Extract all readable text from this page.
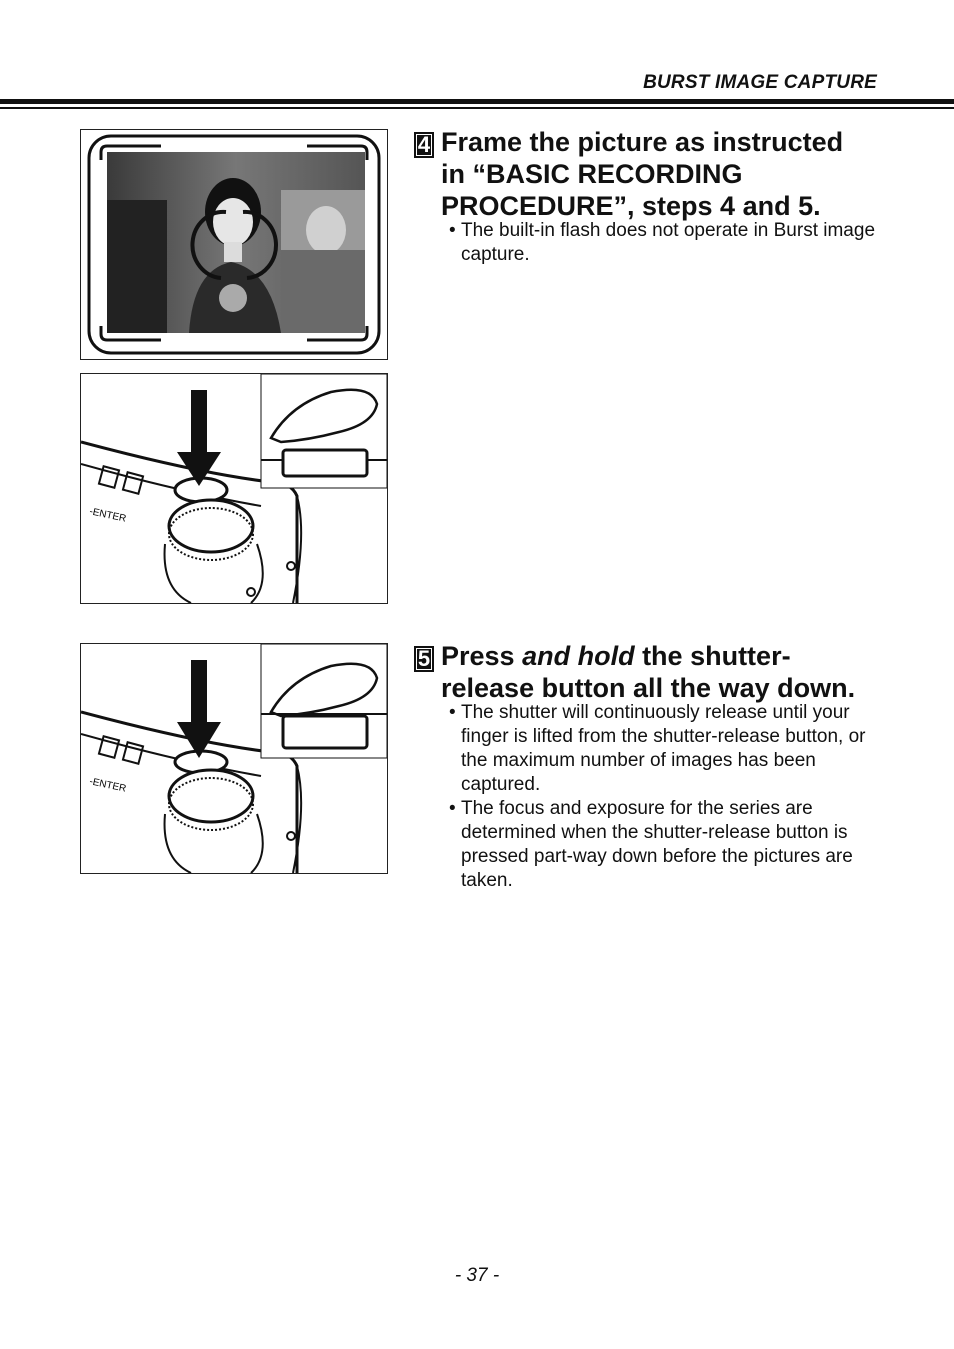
BURST IMAGE CAPTURE
-ENTER
4 Frame the picture as instructed
in “BASIC RECORDING
PROCEDURE”, steps 4 and 5.
• The built-in flash does not operate in Burst image capture.
-ENTER
5 Press and hold the shutter-
release button all the way down.
• The shutter will continuously release until your finger is lifted from the shutter-release button, or the maximum number of images has been captured.
• The focus and exposure for the series are determined when the shutter-release button is pressed part-way down before the pictures are taken.
- 37 -
